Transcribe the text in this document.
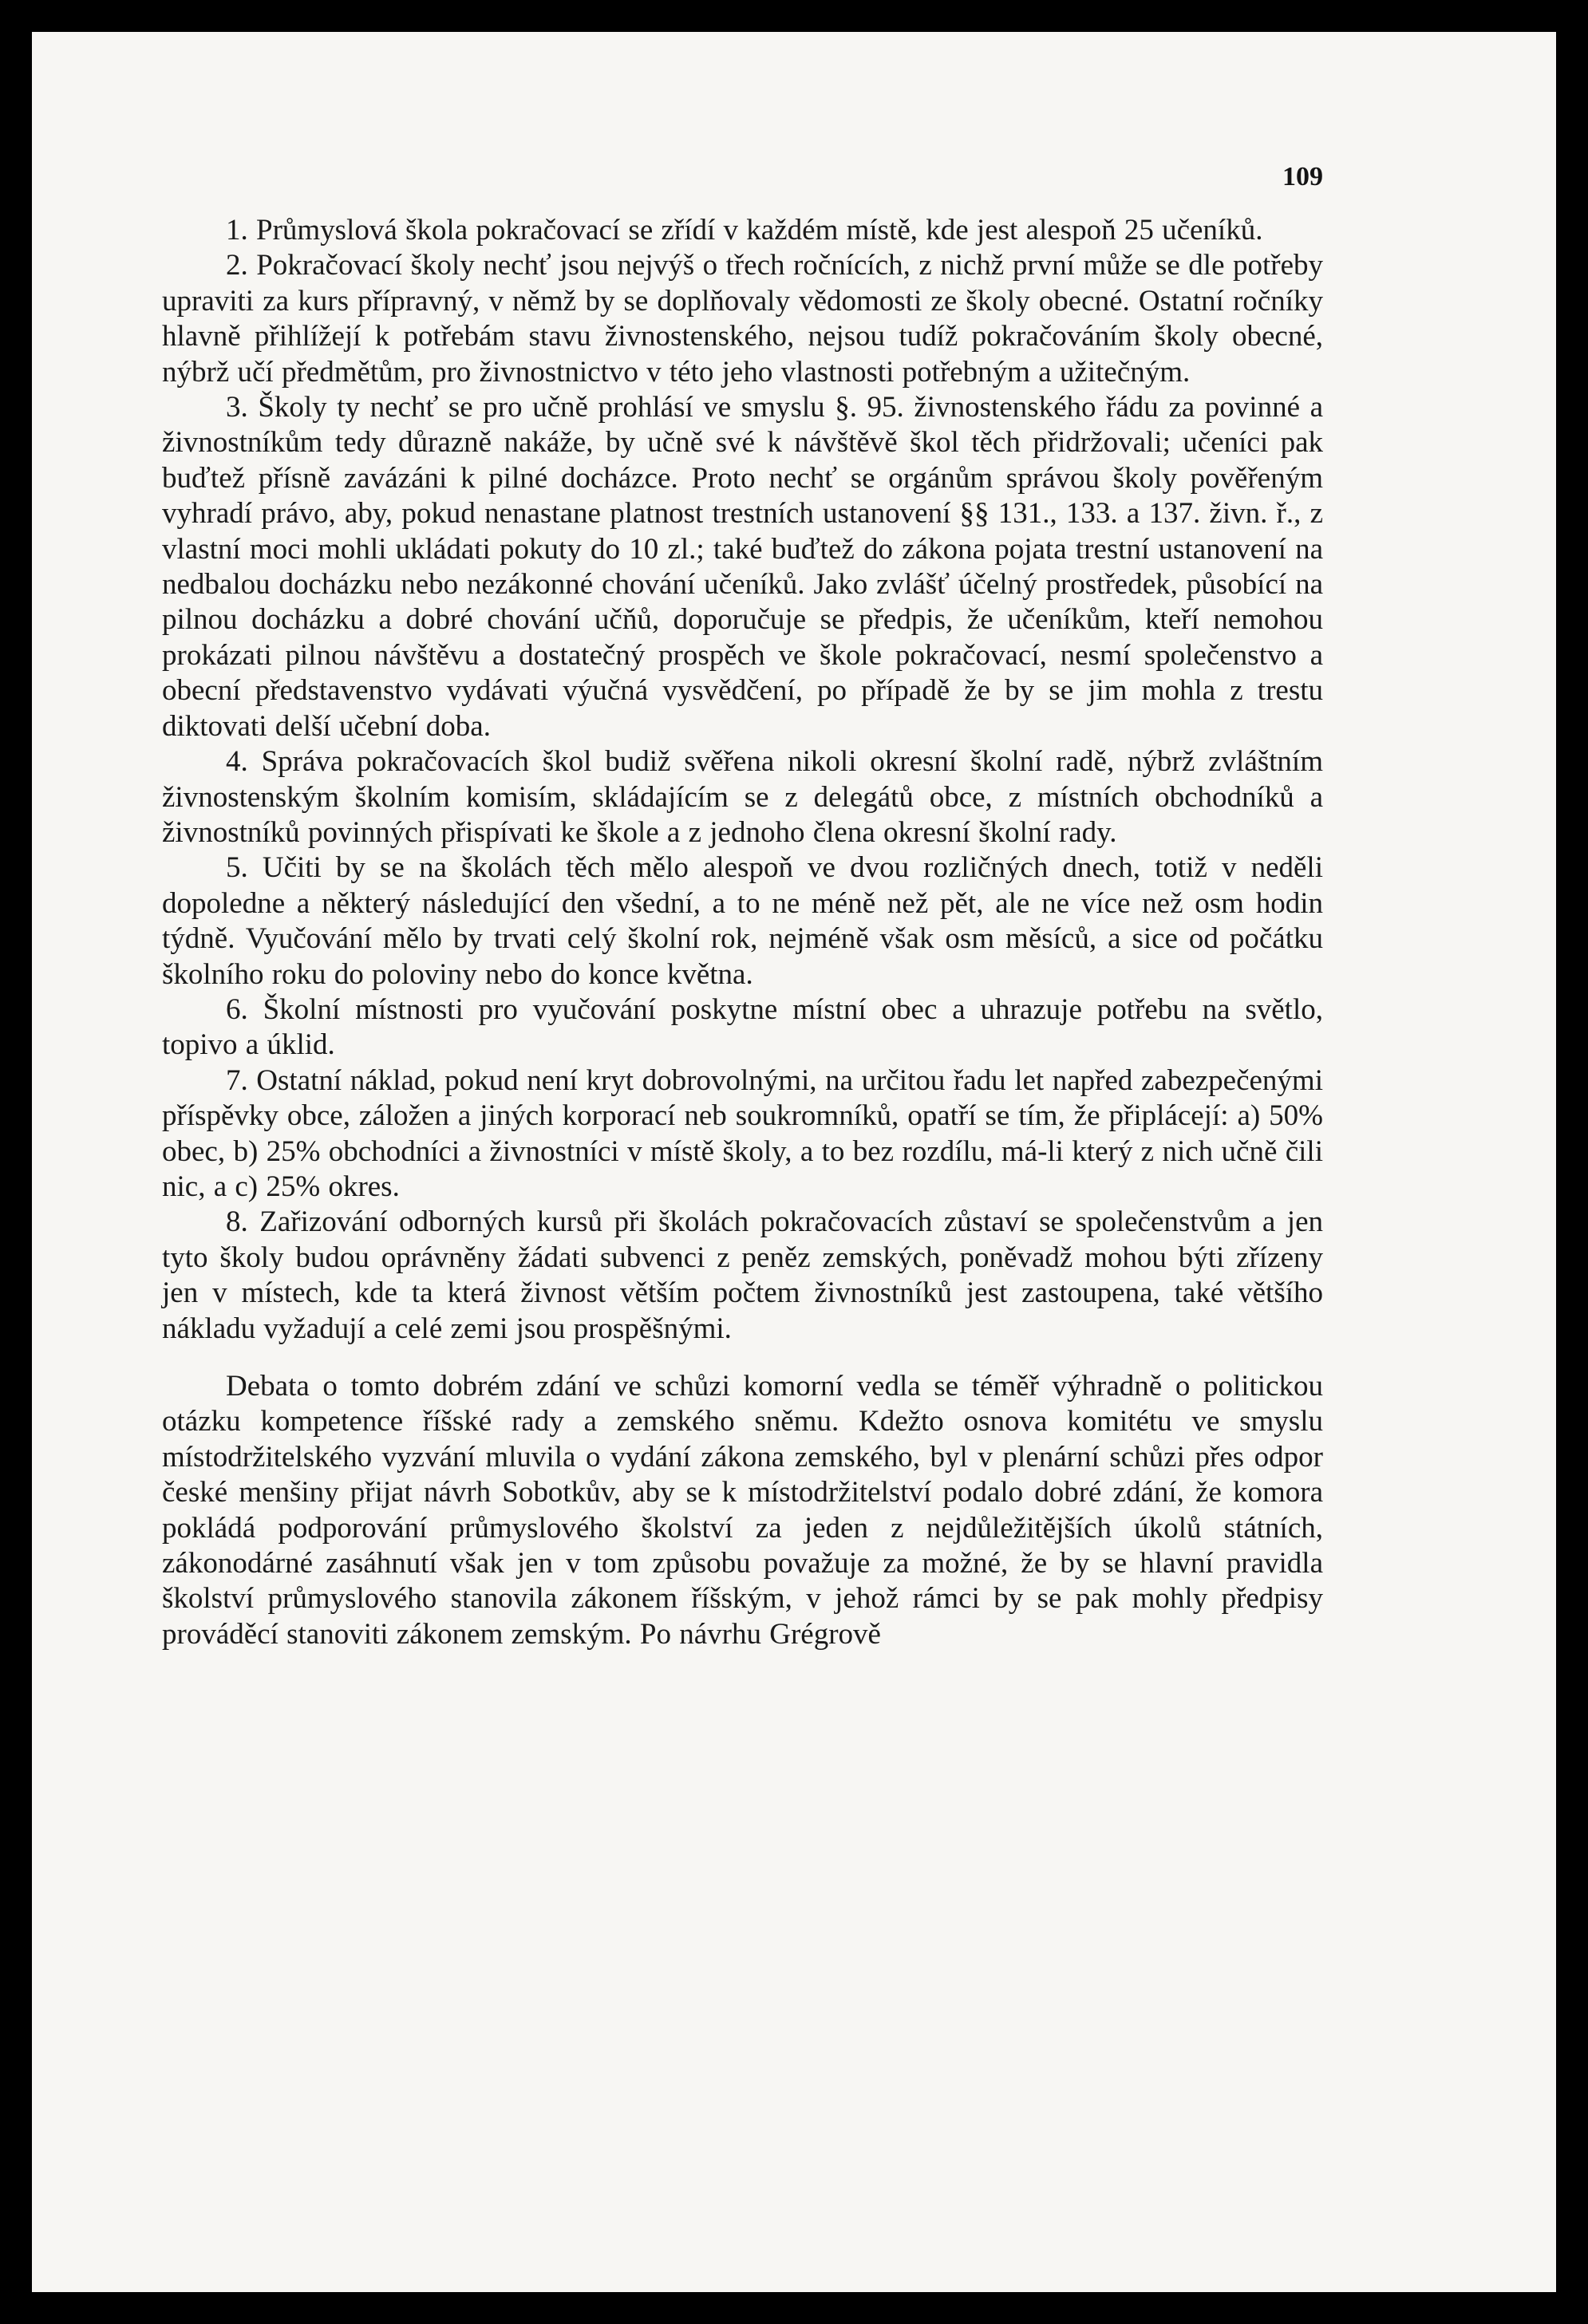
109

1. Průmyslová škola pokračovací se zřídí v každém místě, kde jest alespoň 25 učeníků.

2. Pokračovací školy nechť jsou nejvýš o třech ročnících, z nichž první může se dle potřeby upraviti za kurs přípravný, v němž by se doplňovaly vědomosti ze školy obecné. Ostatní ročníky hlavně přihlížejí k potřebám stavu živnostenského, nejsou tudíž pokračováním školy obecné, nýbrž učí předmětům, pro živnostnictvo v této jeho vlastnosti potřebným a užitečným.

3. Školy ty nechť se pro učně prohlásí ve smyslu §. 95. živnostenského řádu za povinné a živnostníkům tedy důrazně nakáže, by učně své k návštěvě škol těch přidržovali; učeníci pak buďtež přísně zavázáni k pilné docházce. Proto nechť se orgánům správou školy pověřeným vyhradí právo, aby, pokud nenastane platnost trestních ustanovení §§ 131., 133. a 137. živn. ř., z vlastní moci mohli ukládati pokuty do 10 zl.; také buďtež do zákona pojata trestní ustanovení na nedbalou docházku nebo nezákonné chování učeníků. Jako zvlášť účelný prostředek, působící na pilnou docházku a dobré chování učňů, doporučuje se předpis, že učeníkům, kteří nemohou prokázati pilnou návštěvu a dostatečný prospěch ve škole pokračovací, nesmí společenstvo a obecní představenstvo vydávati výučná vysvědčení, po případě že by se jim mohla z trestu diktovati delší učební doba.

4. Správa pokračovacích škol budiž svěřena nikoli okresní školní radě, nýbrž zvláštním živnostenským školním komisím, skládajícím se z delegátů obce, z místních obchodníků a živnostníků povinných přispívati ke škole a z jednoho člena okresní školní rady.

5. Učiti by se na školách těch mělo alespoň ve dvou rozličných dnech, totiž v neděli dopoledne a některý následující den všední, a to ne méně než pět, ale ne více než osm hodin týdně. Vyučování mělo by trvati celý školní rok, nejméně však osm měsíců, a sice od počátku školního roku do poloviny nebo do konce května.

6. Školní místnosti pro vyučování poskytne místní obec a uhrazuje potřebu na světlo, topivo a úklid.

7. Ostatní náklad, pokud není kryt dobrovolnými, na určitou řadu let napřed zabezpečenými příspěvky obce, záložen a jiných korporací neb soukromníků, opatří se tím, že připlácejí: a) 50% obec, b) 25% obchodníci a živnostníci v místě školy, a to bez rozdílu, má-li který z nich učně čili nic, a c) 25% okres.

8. Zařizování odborných kursů při školách pokračovacích zůstaví se společenstvům a jen tyto školy budou oprávněny žádati subvenci z peněz zemských, poněvadž mohou býti zřízeny jen v místech, kde ta která živnost větším počtem živnostníků jest zastoupena, také většího nákladu vyžadují a celé zemi jsou prospěšnými.

Debata o tomto dobrém zdání ve schůzi komorní vedla se téměř výhradně o politickou otázku kompetence říšské rady a zemského sněmu. Kdežto osnova komitétu ve smyslu místodržitelského vyzvání mluvila o vydání zákona zemského, byl v plenární schůzi přes odpor české menšiny přijat návrh Sobotkův, aby se k místodržitelství podalo dobré zdání, že komora pokládá podporování průmyslového školství za jeden z nejdůležitějších úkolů státních, zákonodárné zasáhnutí však jen v tom způsobu považuje za možné, že by se hlavní pravidla školství průmyslového stanovila zákonem říšským, v jehož rámci by se pak mohly předpisy prováděcí stanoviti zákonem zemským. Po návrhu Grégrově
